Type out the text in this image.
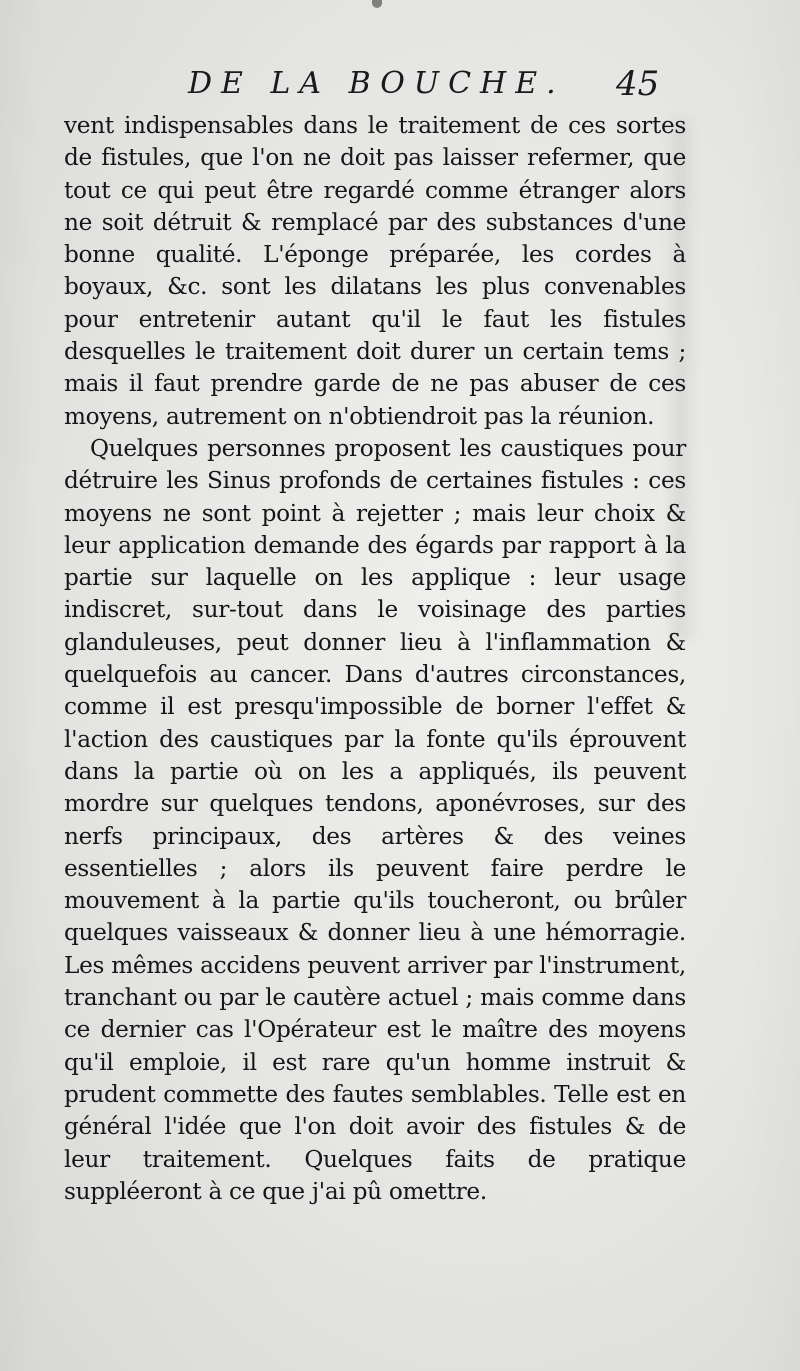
DE LA BOUCHE. 45

vent indispensables dans le traitement de ces sortes de fistules, que l'on ne doit pas laisser refermer, que tout ce qui peut être regardé comme étranger alors ne soit détruit & remplacé par des substances d'une bonne qualité. L'éponge préparée, les cordes à boyaux, &c. sont les dilatans les plus convenables pour entretenir autant qu'il le faut les fistules desquelles le traitement doit durer un certain tems ; mais il faut prendre garde de ne pas abuser de ces moyens, autrement on n'obtiendroit pas la réunion.

Quelques personnes proposent les caustiques pour détruire les Sinus profonds de certaines fistules : ces moyens ne sont point à rejetter ; mais leur choix & leur application demande des égards par rapport à la partie sur laquelle on les applique : leur usage indiscret, sur-tout dans le voisinage des parties glanduleuses, peut donner lieu à l'inflammation & quelquefois au cancer. Dans d'autres circonstances, comme il est presqu'impossible de borner l'effet & l'action des caustiques par la fonte qu'ils éprouvent dans la partie où on les a appliqués, ils peuvent mordre sur quelques tendons, aponévroses, sur des nerfs principaux, des artères & des veines essentielles ; alors ils peuvent faire perdre le mouvement à la partie qu'ils toucheront, ou brûler quelques vaisseaux & donner lieu à une hémorragie. Les mêmes accidens peuvent arriver par l'instrument, tranchant ou par le cautère actuel ; mais comme dans ce dernier cas l'Opérateur est le maître des moyens qu'il emploie, il est rare qu'un homme instruit & prudent commette des fautes semblables. Telle est en général l'idée que l'on doit avoir des fistules & de leur traitement. Quelques faits de pratique suppléeront à ce que j'ai pû omettre.
